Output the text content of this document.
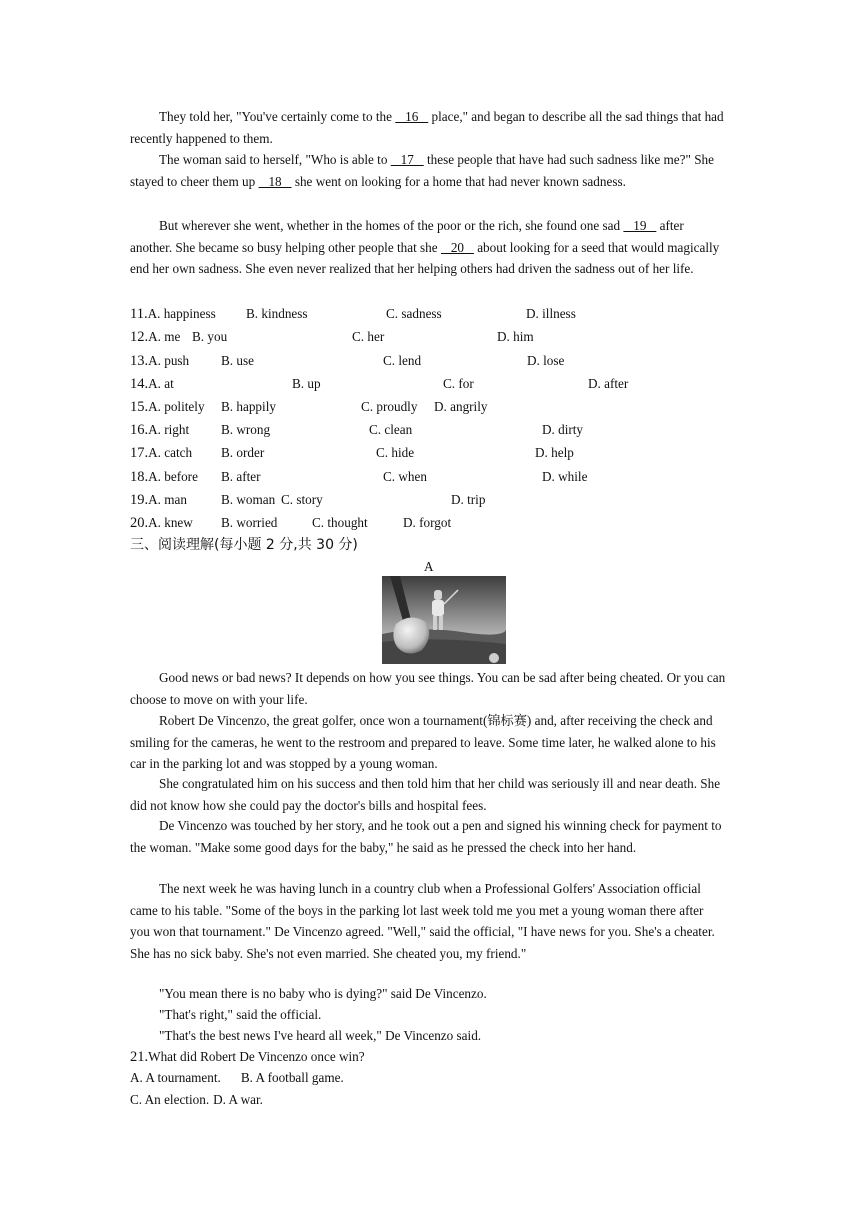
They told her, "You've certainly come to the    16    place," and began to describe all the sad things that had recently happened to them.

The woman said to herself, "Who is able to    17    these people that have had such sadness like me?" She stayed to cheer them up    18    she went on looking for a home that had never known sadness.

But wherever she went, whether in the homes of the poor or the rich, she found one sad    19    after another. She became so busy helping other people that she    20    about looking for a seed that would magically end her own sadness. She even never realized that her helping others had driven the sadness out of her life.

11.A. happiness B. kindness	C. sadness	D. illness
12.A. me B. you	C. her	D. him
13.A. push B. use	C. lend	D. lose
14.A. at	B. up	C. for	D. after
15.A. politely B. happily	C. proudly D. angrily
16.A. right B. wrong	C. clean	D. dirty
17.A. catch B. order	C. hide	D. help
18.A. before B. after	C. when	D. while
19.A. man	B. woman C. story	D. trip
20.A. knew B. worried	C. thought	D. forgot
三、阅读理解(每小题 2 分,共 30 分)
A

Good news or bad news? It depends on how you see things. You can be sad after being cheated. Or you can choose to move on with your life.

Robert De Vincenzo, the great golfer, once won a tournament(锦标赛) and, after receiving the check and smiling for the cameras, he went to the restroom and prepared to leave. Some time later, he walked alone to his car in the parking lot and was stopped by a young woman.

She congratulated him on his success and then told him that her child was seriously ill and near death. She did not know how she could pay the doctor's bills and hospital fees.

De Vincenzo was touched by her story, and he took out a pen and signed his winning check for payment to the woman. "Make some good days for the baby," he said as he pressed the check into her hand.

The next week he was having lunch in a country club when a Professional Golfers' Association official came to his table. "Some of the boys in the parking lot last week told me you met a young woman there after you won that tournament." De Vincenzo agreed. "Well," said the official, "I have news for you. She's a cheater. She has no sick baby. She's not even married. She cheated you, my friend."

"You mean there is no baby who is dying?" said De Vincenzo.

"That's right," said the official.

"That's the best news I've heard all week," De Vincenzo said.

21.What did Robert De Vincenzo once win?
A. A tournament. B. A football game.
C. An election. D. A war.
